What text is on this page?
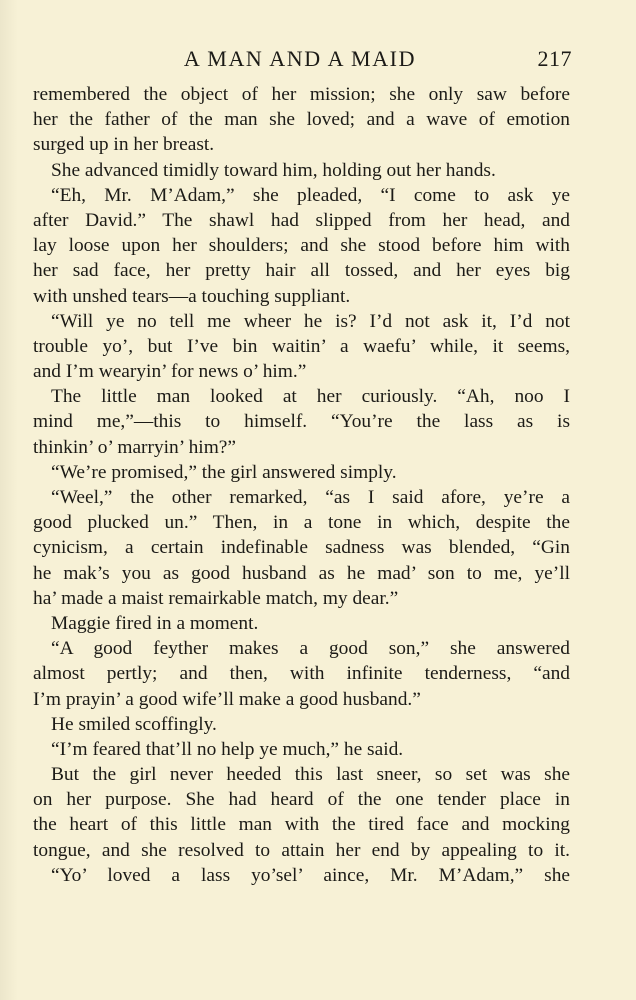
A MAN AND A MAID	217
remembered the object of her mission; she only saw before
her the father of the man she loved; and a wave of emotion
surged up in her breast.
She advanced timidly toward him, holding out her hands.
“Eh, Mr. M’Adam,” she pleaded, “I come to ask ye
after David.” The shawl had slipped from her head, and
lay loose upon her shoulders; and she stood before him with
her sad face, her pretty hair all tossed, and her eyes big
with unshed tears—a touching suppliant.
“Will ye no tell me wheer he is? I’d not ask it, I’d not
trouble yo’, but I’ve bin waitin’ a waefu’ while, it seems,
and I’m wearyin’ for news o’ him.”
The little man looked at her curiously. “Ah, noo I
mind me,”—this to himself. “You’re the lass as is
thinkin’ o’ marryin’ him?”
“We’re promised,” the girl answered simply.
“Weel,” the other remarked, “as I said afore, ye’re a
good plucked un.” Then, in a tone in which, despite the
cynicism, a certain indefinable sadness was blended, “Gin
he mak’s you as good husband as he mad’ son to me, ye’ll
ha’ made a maist remairkable match, my dear.”
Maggie fired in a moment.
“A good feyther makes a good son,” she answered
almost pertly; and then, with infinite tenderness, “and
I’m prayin’ a good wife’ll make a good husband.”
He smiled scoffingly.
“I’m feared that’ll no help ye much,” he said.
But the girl never heeded this last sneer, so set was she
on her purpose. She had heard of the one tender place in
the heart of this little man with the tired face and mocking
tongue, and she resolved to attain her end by appealing to it.
“Yo’ loved a lass yo’sel’ aince, Mr. M’Adam,” she
